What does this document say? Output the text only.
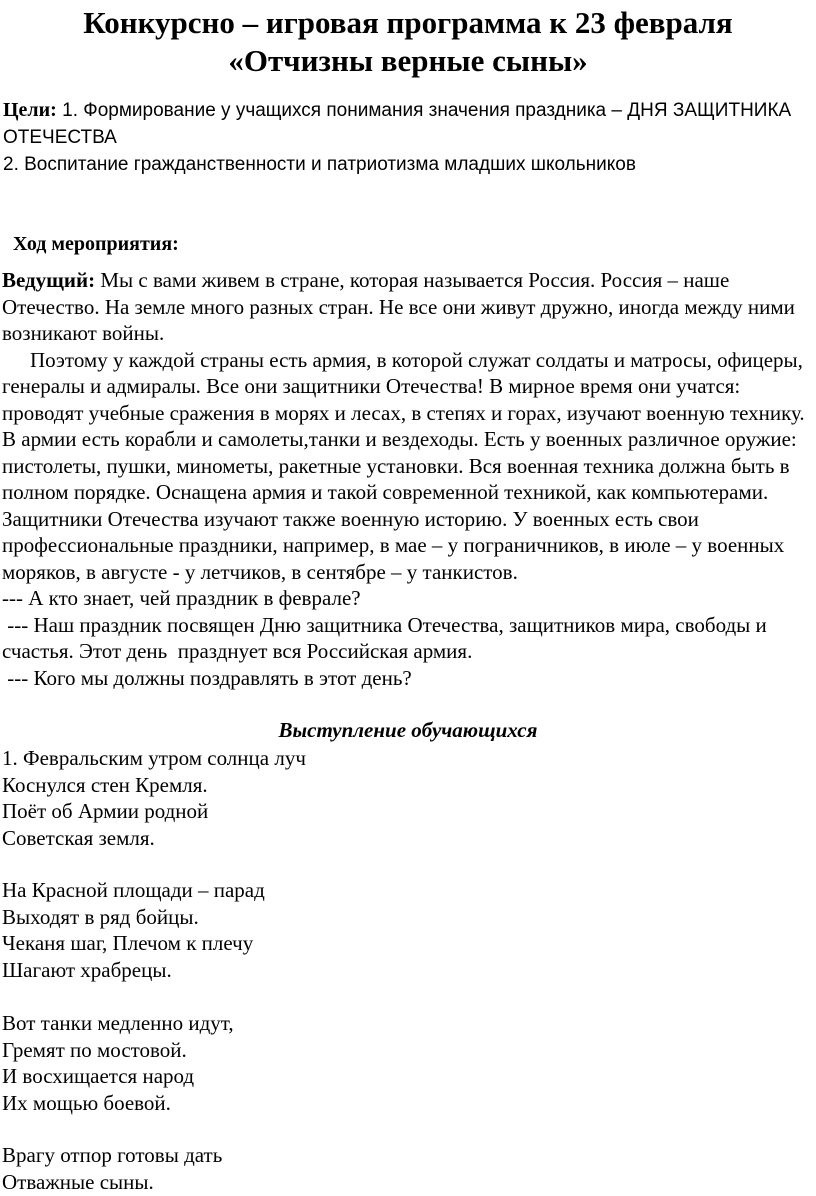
Конкурсно – игровая программа к 23 февраля
«Отчизны верные сыны»
Цели: 1. Формирование у учащихся понимания значения праздника – ДНЯ ЗАЩИТНИКА ОТЕЧЕСТВА
2. Воспитание гражданственности и патриотизма младших школьников
Ход мероприятия:

Ведущий: Мы с вами живем в стране, которая называется Россия. Россия – наше Отечество. На земле много разных стран. Не все они живут дружно, иногда между ними возникают войны.

Поэтому у каждой страны есть армия, в которой служат солдаты и матросы, офицеры, генералы и адмиралы. Все они защитники Отечества! В мирное время они учатся: проводят учебные сражения в морях и лесах, в степях и горах, изучают военную технику. В армии есть корабли и самолеты,танки и вездеходы. Есть у военных различное оружие: пистолеты, пушки, минометы, ракетные установки. Вся военная техника должна быть в полном порядке. Оснащена армия и такой современной техникой, как компьютерами. Защитники Отечества изучают также военную историю. У военных есть свои профессиональные праздники, например, в мае – у пограничников, в июле – у военных моряков, в августе - у летчиков, в сентябре – у танкистов.

--- А кто знает, чей праздник в феврале?

--- Наш праздник посвящен Дню защитника Отечества, защитников мира, свободы и счастья. Этот день  празднует вся Российская армия.

--- Кого мы должны поздравлять в этот день?

Выступление обучающихся
1. Февральским утром солнца луч
Коснулся стен Кремля.
Поёт об Армии родной
Советская земля.
На Красной площади – парад
Выходят в ряд бойцы.
Чеканя шаг, Плечом к плечу
Шагают храбрецы.
Вот танки медленно идут,
Гремят по мостовой.
И восхищается народ
Их мощью боевой.
Врагу отпор готовы дать
Отважные сыны.
